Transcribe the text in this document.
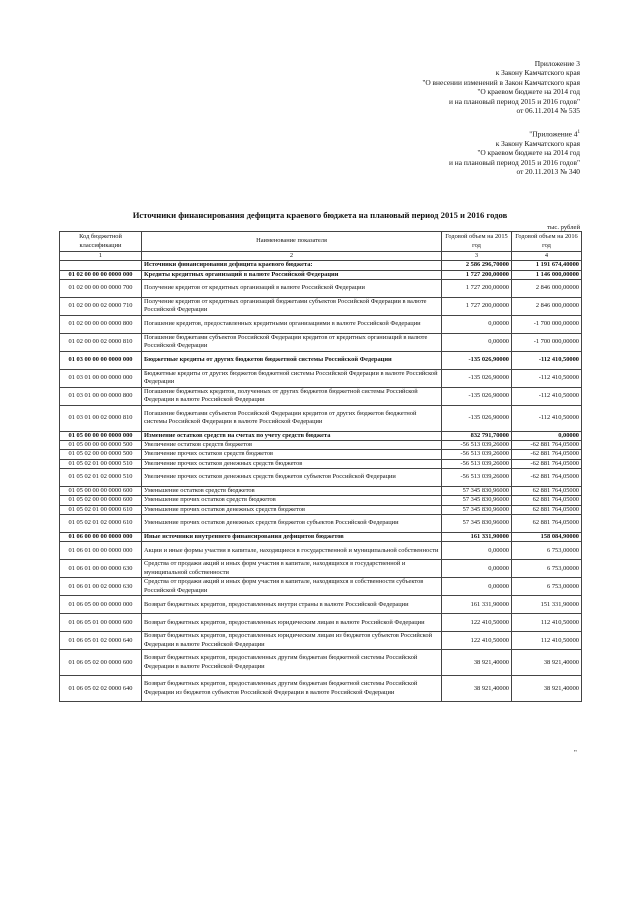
Приложение 3
к Закону Камчатского края
"О внесении изменений в Закон Камчатского края
"О краевом бюджете на 2014 год
и на плановый период 2015 и 2016 годов"
от 06.11.2014 № 535
"Приложение $4^1$
к Закону Камчатского края
"О краевом бюджете на 2014 год
и на плановый период 2015 и 2016 годов"
от 20.11.2013 № 340
Источники финансирования дефицита краевого бюджета на плановый период 2015 и 2016 годов
тыс. рублей
Код бюджетной классификации	Наименование показателя	Годовой объем на 2015 год	Годовой объем на 2016 год
1	2	3	4
	Источники финансирования дефицита краевого бюджета:	2 586 296,70000	1 191 674,40000
01 02 00 00 00 0000 000	Кредиты кредитных организаций в валюте Российской Федерации	1 727 200,00000	1 146 000,00000
01 02 00 00 00 0000 700	Получение кредитов от кредитных организаций в валюте Российской Федерации	1 727 200,00000	2 846 000,00000
01 02 00 00 02 0000 710	Получение кредитов от кредитных организаций бюджетами субъектов Российской Федерации в валюте Российской Федерации	1 727 200,00000	2 846 000,00000
01 02 00 00 00 0000 800	Погашение кредитов, предоставленных кредитными организациями в валюте Российской Федерации	0,00000	-1 700 000,00000
01 02 00 00 02 0000 810	Погашение бюджетами субъектов Российской Федерации кредитов от кредитных организаций в валюте Российской Федерации	0,00000	-1 700 000,00000
01 03 00 00 00 0000 000	Бюджетные кредиты от других бюджетов бюджетной системы Российской Федерации	-135 026,90000	-112 410,50000
01 03 01 00 00 0000 000	Бюджетные кредиты от других бюджетов бюджетной системы Российской Федерации в валюте Российской Федерации	-135 026,90000	-112 410,50000
01 03 01 00 00 0000 800	Погашение бюджетных кредитов, полученных от других бюджетов бюджетной системы Российской Федерации в валюте Российской Федерации	-135 026,90000	-112 410,50000
01 03 01 00 02 0000 810	Погашение бюджетами субъектов Российской Федерации кредитов от других бюджетов бюджетной системы Российской Федерации в валюте Российской Федерации	-135 026,90000	-112 410,50000
01 05 00 00 00 0000 000	Изменение остатков средств на счетах по учету средств бюджета	832 791,70000	0,00000
01 05 00 00 00 0000 500	Увеличение остатков средств бюджетов	-56 513 039,26000	-62 881 764,05000
01 05 02 00 00 0000 500	Увеличение прочих остатков средств бюджетов	-56 513 039,26000	-62 881 764,05000
01 05 02 01 00 0000 510	Увеличение прочих остатков денежных средств бюджетов	-56 513 039,26000	-62 881 764,05000
01 05 02 01 02 0000 510	Увеличение прочих остатков денежных средств бюджетов субъектов Российской Федерации	-56 513 039,26000	-62 881 764,05000
01 05 00 00 00 0000 600	Уменьшение остатков средств бюджетов	57 345 830,96000	62 881 764,05000
01 05 02 00 00 0000 600	Уменьшение прочих остатков средств бюджетов	57 345 830,96000	62 881 764,05000
01 05 02 01 00 0000 610	Уменьшение прочих остатков денежных средств бюджетов	57 345 830,96000	62 881 764,05000
01 05 02 01 02 0000 610	Уменьшение прочих остатков денежных средств бюджетов субъектов Российской Федерации	57 345 830,96000	62 881 764,05000
01 06 00 00 00 0000 000	Иные источники внутреннего финансирования дефицитов бюджетов	161 331,90000	158 084,90000
01 06 01 00 00 0000 000	Акции и иные формы участия в капитале, находящиеся в государственной и муниципальной собственности	0,00000	6 753,00000
01 06 01 00 00 0000 630	Средства от продажи акций и иных форм участия в капитале, находящихся в государственной и муниципальной собственности	0,00000	6 753,00000
01 06 01 00 02 0000 630	Средства от продажи акций и иных форм участия в капитале, находящихся в собственности субъектов Российской Федерации	0,00000	6 753,00000
01 06 05 00 00 0000 000	Возврат бюджетных кредитов, предоставленных внутри страны в валюте Российской Федерации	161 331,90000	151 331,90000
01 06 05 01 00 0000 600	Возврат бюджетных кредитов, предоставленных юридическим лицам в валюте Российской Федерации	122 410,50000	112 410,50000
01 06 05 01 02 0000 640	Возврат бюджетных кредитов, предоставленных юридическим лицам из бюджетов субъектов Российской Федерации в валюте Российской Федерации	122 410,50000	112 410,50000
01 06 05 02 00 0000 600	Возврат бюджетных кредитов, предоставленных другим бюджетам бюджетной системы Российской Федерации в валюте Российской Федерации	38 921,40000	38 921,40000
01 06 05 02 02 0000 640	Возврат бюджетных кредитов, предоставленных другим бюджетам бюджетной системы Российской Федерации из бюджетов субъектов Российской Федерации в валюте Российской Федерации	38 921,40000	38 921,40000
"
